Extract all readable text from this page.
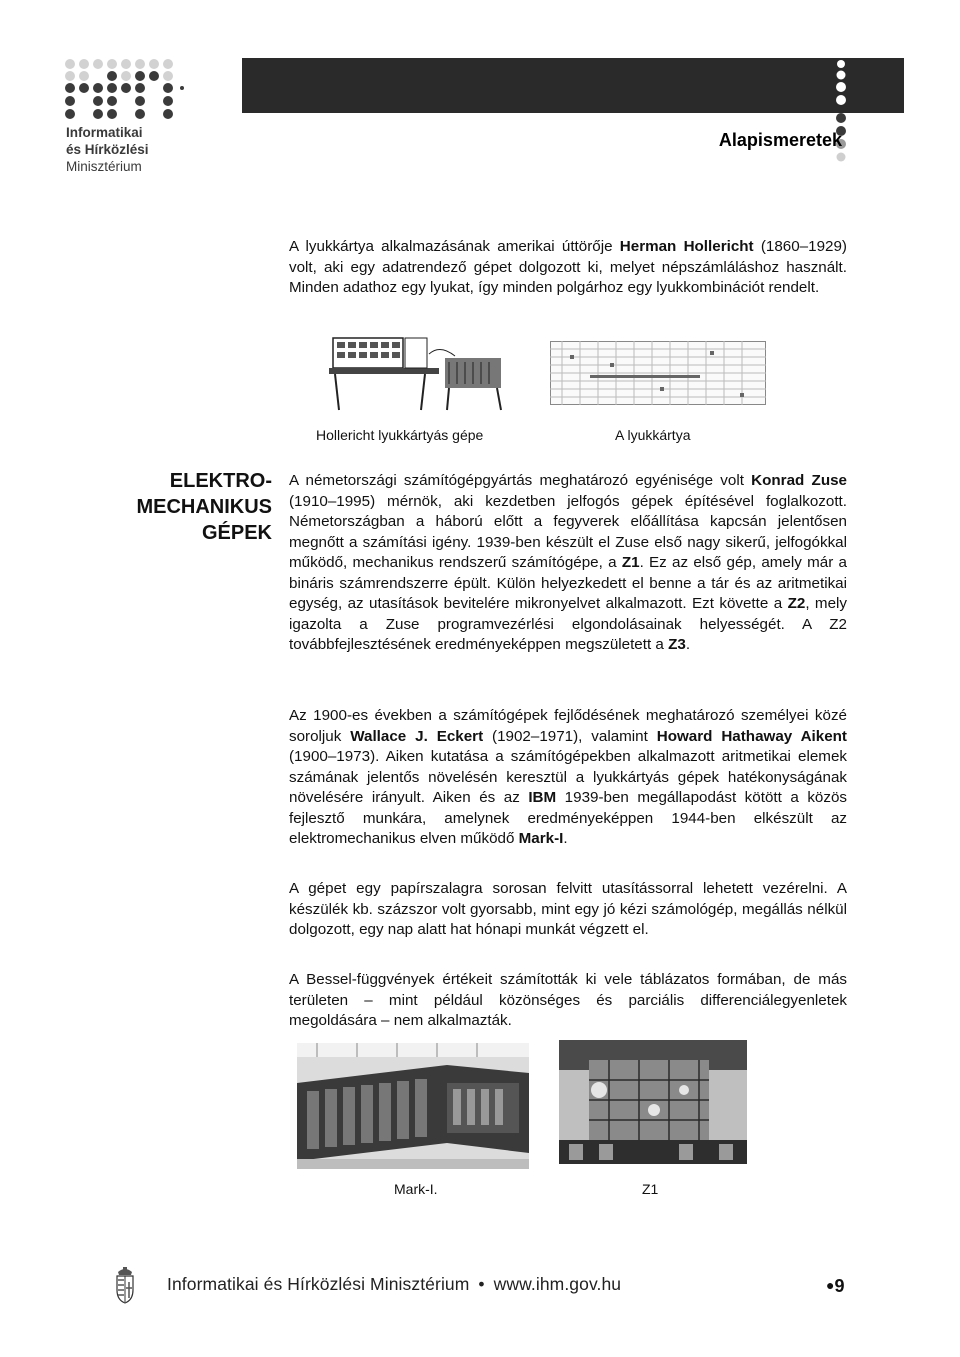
Informatikai
és Hírközlési
Minisztérium
Alapismeretek

A lyukkártya alkalmazásának amerikai úttörője Herman Hollericht (1860–1929) volt, aki egy adatrendező gépet dolgozott ki, melyet népszámláláshoz használt. Minden adathoz egy lyukat, így minden polgárhoz egy lyukkombinációt rendelt.

Hollericht lyukkártyás gépe	A lyukkártya
ELEKTRO-
MECHANIKUS
GÉPEK

A németországi számítógépgyártás meghatározó egyénisége volt Konrad Zuse (1910–1995) mérnök, aki kezdetben jelfogós gépek építésével foglalkozott. Németországban a háború előtt a fegyverek előállítása kapcsán jelentősen megnőtt a számítási igény. 1939-ben készült el Zuse első nagy sikerű, jelfogókkal működő, mechanikus rendszerű számítógépe, a Z1. Ez az első gép, amely már a bináris számrendszerre épült. Külön helyezkedett el benne a tár és az aritmetikai egység, az utasítások bevitelére mikronyelvet alkalmazott. Ezt követte a Z2, mely igazolta a Zuse programvezérlési elgondolásainak helyességét. A Z2 továbbfejlesztésének eredményeképpen megszületett a Z3.

Az 1900-es években a számítógépek fejlődésének meghatározó személyei közé soroljuk Wallace J. Eckert (1902–1971), valamint Howard Hathaway Aikent (1900–1973). Aiken kutatása a számítógépekben alkalmazott aritmetikai elemek számának jelentős növelésén keresztül a lyukkártyás gépek hatékonyságának növelésére irányult. Aiken és az IBM 1939-ben megállapodást kötött a közös fejlesztő munkára, amelynek eredményeképpen 1944-ben elkészült az elektromechanikus elven működő Mark-I.

A gépet egy papírszalagra sorosan felvitt utasítássorral lehetett vezérelni. A készülék kb. százszor volt gyorsabb, mint egy jó kézi számológép, megállás nélkül dolgozott, egy nap alatt hat hónapi munkát végzett el.

A Bessel-függvények értékeit számították ki vele táblázatos formában, de más területen – mint például közönséges és parciális differenciálegyenletek megoldására – nem alkalmazták.

Mark-I.	Z1
Informatikai és Hírközlési Minisztérium • www.ihm.gov.hu	●9
